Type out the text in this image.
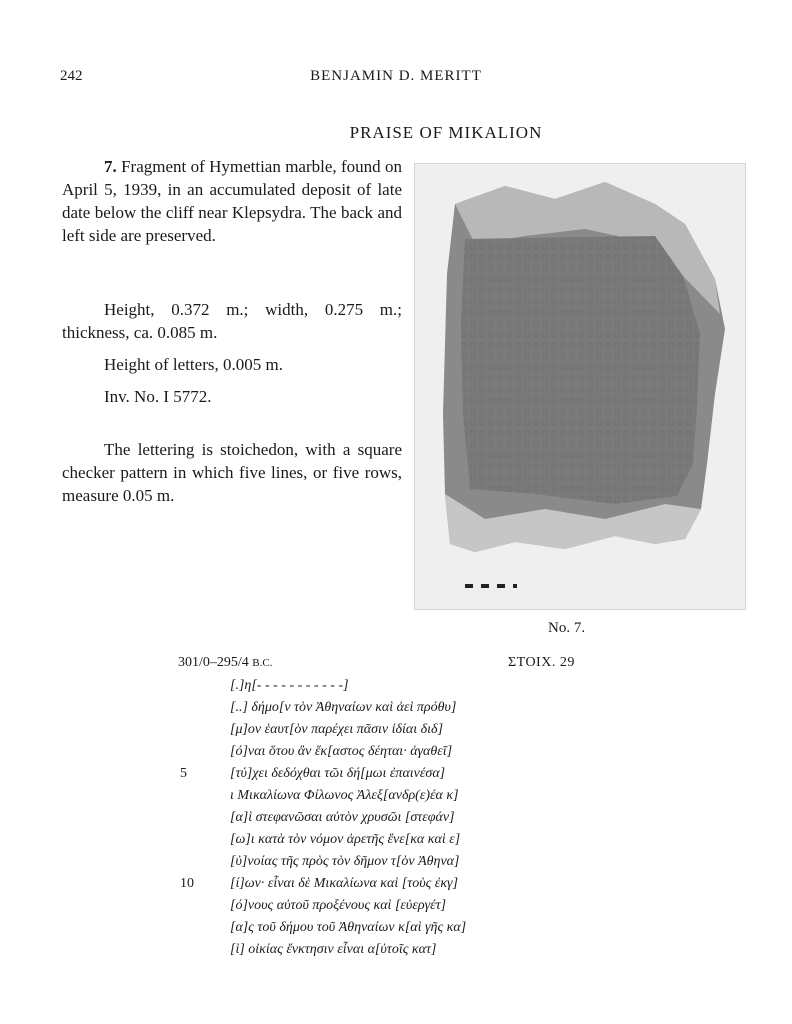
242	BENJAMIN D. MERITT
PRAISE OF MIKALION
7. Fragment of Hymettian marble, found on April 5, 1939, in an accumulated deposit of late date below the cliff near Klepsydra. The back and left side are preserved.
Height, 0.372 m.; width, 0.275 m.; thickness, ca. 0.085 m.
Height of letters, 0.005 m.
Inv. No. I 5772.
The lettering is stoichedon, with a square checker pattern in which five lines, or five rows, measure 0.05 m.
No. 7.
301/0–295/4 B.C.	ΣΤΟΙΧ. 29
[.]η[- - - - - - - - - - -]
[..] δήμο[ν τὸν Ἀθηναίων καὶ ἀεὶ πρόθυ]
[μ]ον ἑαυτ[ὸν παρέχει πᾶσιν ἰδίαι διδ]
[ό]ναι ὅτου ἂν ἕκ[αστος δέηται· ἀγαθεῖ]
5	[τύ]χει δεδόχθαι τῶι δή[μωι ἐπαινέσα]
ι Μικαλίωνα Φίλωνος Ἀλεξ[ανδρ(ε)έα κ]
[α]ὶ στεφανῶσαι αὐτὸν χρυσῶι [στεφάν]
[ω]ι κατὰ τὸν νόμον ἀρετῆς ἕνε[κα καὶ ε]
[ὐ]νοίας τῆς πρὸς τὸν δῆμον τ[ὸν Ἀθηνα]
10	[ί]ων· εἶναι δὲ Μικαλίωνα καὶ [τοὺς ἐκγ]
[ό]νους αὐτοῦ προξένους καὶ [εὐεργέτ]
[α]ς τοῦ δήμου τοῦ Ἀθηναίων κ[αὶ γῆς κα]
[ὶ] οἰκίας ἔνκτησιν εἶναι α[ὐτοῖς κατ]
